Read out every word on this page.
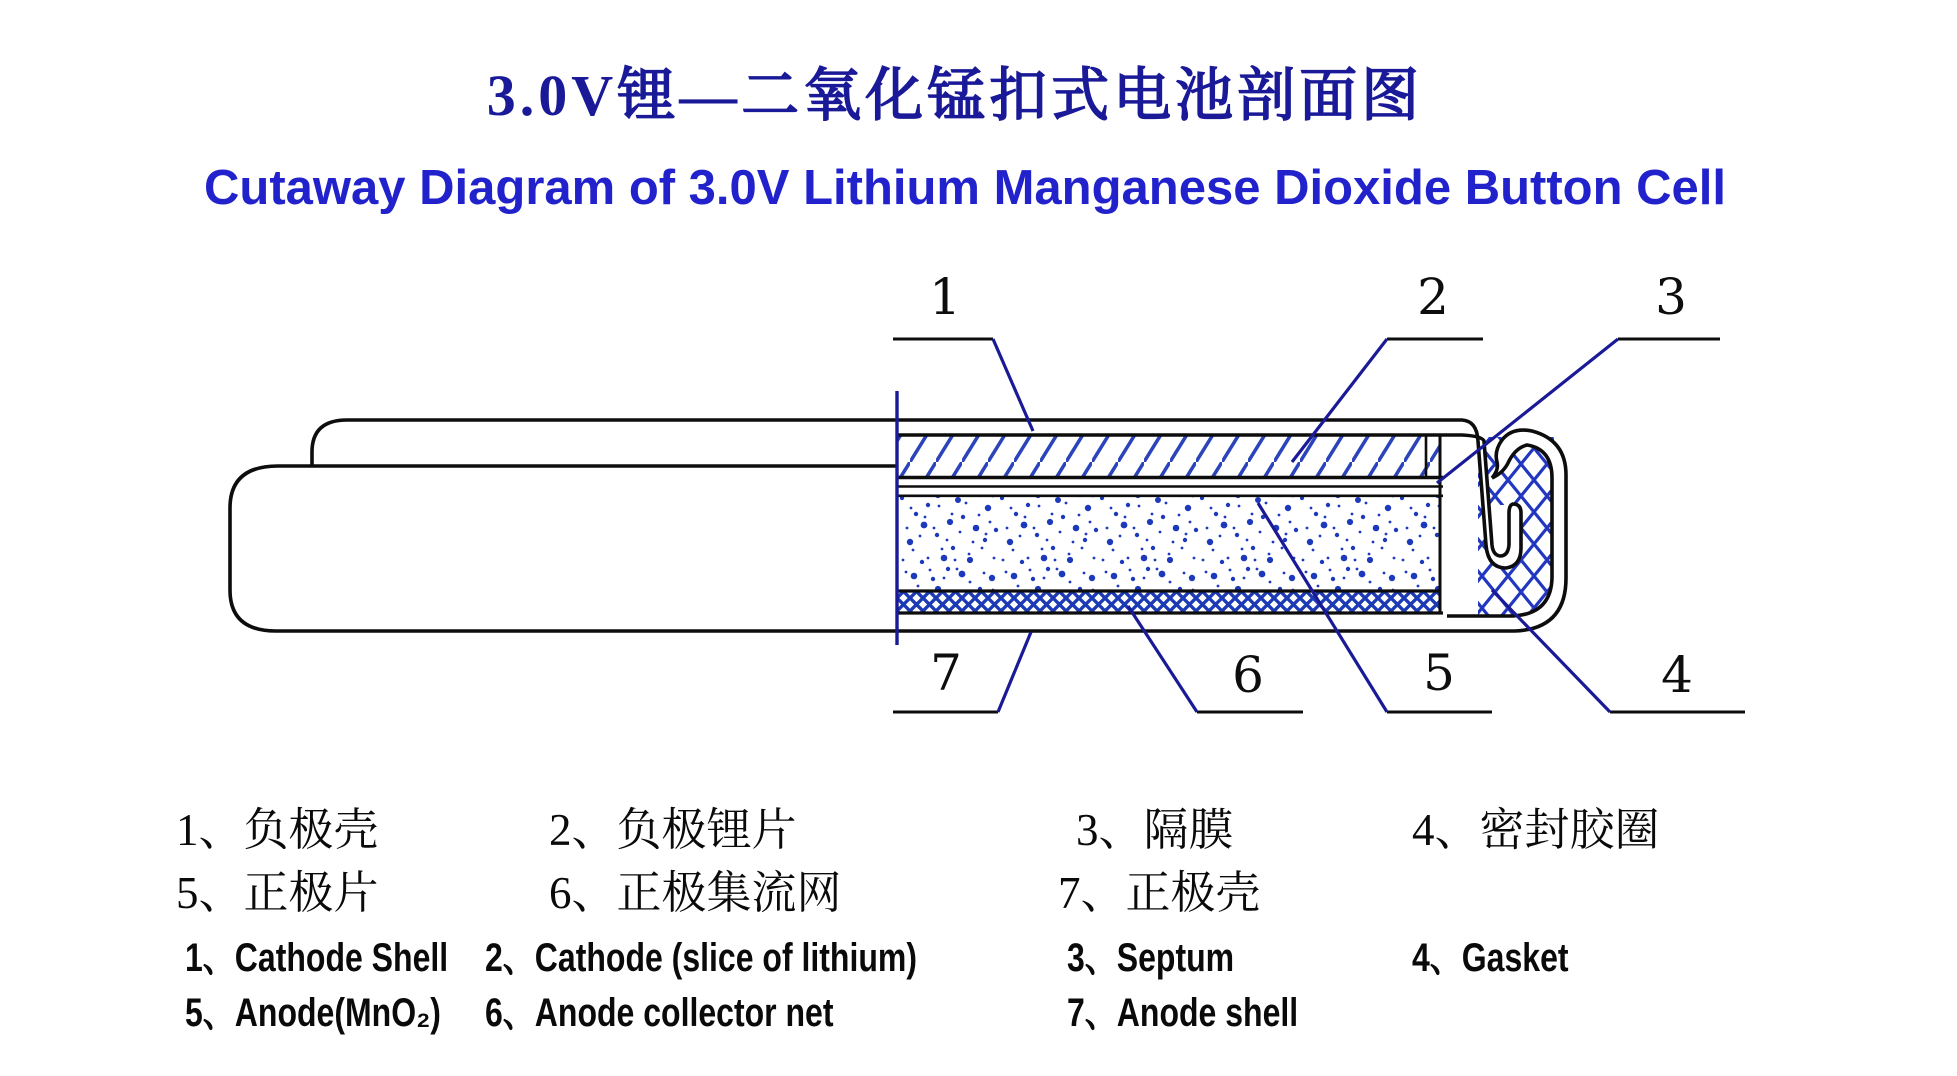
3.0V锂—二氧化锰扣式电池剖面图
Cutaway Diagram of 3.0V Lithium Manganese Dioxide Button Cell
1	2	3
7	6	5	4
1、负极壳	2、负极锂片	3、隔膜	4、密封胶圈
5、正极片	6、正极集流网	7、正极壳
1、Cathode Shell 2、Cathode (slice of lithium)	3、Septum	4、Gasket
5、Anode(MnO₂) 6、Anode collector net	7、Anode shell
